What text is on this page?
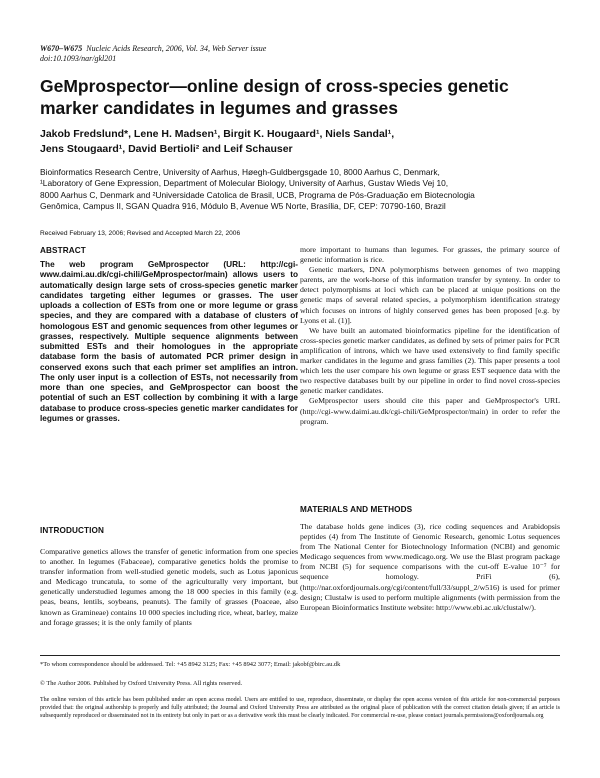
W670–W675 Nucleic Acids Research, 2006, Vol. 34, Web Server issue
doi:10.1093/nar/gkl201
GeMprospector—online design of cross-species genetic marker candidates in legumes and grasses
Jakob Fredslund*, Lene H. Madsen¹, Birgit K. Hougaard¹, Niels Sandal¹,
Jens Stougaard¹, David Bertioli² and Leif Schauser
Bioinformatics Research Centre, University of Aarhus, Høegh-Guldbergsgade 10, 8000 Aarhus C, Denmark,
¹Laboratory of Gene Expression, Department of Molecular Biology, University of Aarhus, Gustav Wieds Vej 10,
8000 Aarhus C, Denmark and ²Universidade Catolica de Brasil, UCB, Programa de Pós-Graduação em Biotecnologia
Genômica, Campus II, SGAN Quadra 916, Módulo B, Avenue W5 Norte, Brasília, DF, CEP: 70790-160, Brazil
Received February 13, 2006; Revised and Accepted March 22, 2006
ABSTRACT
The web program GeMprospector (URL: http://cgi-www.daimi.au.dk/cgi-chili/GeMprospector/main) allows users to automatically design large sets of cross-species genetic marker candidates targeting either legumes or grasses. The user uploads a collection of ESTs from one or more legume or grass species, and they are compared with a database of clusters of homologous EST and genomic sequences from other legumes or grasses, respectively. Multiple sequence alignments between submitted ESTs and their homologues in the appropriate database form the basis of automated PCR primer design in conserved exons such that each primer set amplifies an intron. The only user input is a collection of ESTs, not necessarily from more than one species, and GeMprospector can boost the potential of such an EST collection by combining it with a large database to produce cross-species genetic marker candidates for legumes or grasses.
INTRODUCTION
Comparative genetics allows the transfer of genetic information from one species to another. In legumes (Fabaceae), comparative genetics holds the promise to transfer information from well-studied genetic models, such as Lotus japonicus and Medicago truncatula, to some of the agriculturally very important, but genetically understudied legumes among the 18 000 species in this family (e.g. peas, beans, lentils, soybeans, peanuts). The family of grasses (Poaceae, also known as Gramineae) contains 10 000 species including rice, wheat, barley, maize and forage grasses; it is the only family of plants

more important to humans than legumes. For grasses, the primary source of genetic information is rice.

Genetic markers, DNA polymorphisms between genomes of two mapping parents, are the work-horse of this information transfer by synteny. In order to detect polymorphisms at loci which can be placed at unique positions on the genetic maps of several related species, a polymorphism identification strategy which focuses on introns of highly conserved genes has been proposed [e.g. by Lyons et al. (1)].

We have built an automated bioinformatics pipeline for the identification of cross-species genetic marker candidates, as defined by sets of primer pairs for PCR amplification of introns, which we have used extensively to find family specific marker candidates in the legume and grass families (2). This paper presents a tool which lets the user compare his own legume or grass EST sequence data with the two respective databases built by our pipeline in order to find novel cross-species genetic marker candidates.

GeMprospector users should cite this paper and GeMprospector's URL (http://cgi-www.daimi.au.dk/cgi-chili/GeMprospector/main) in order to refer the program.

MATERIALS AND METHODS
The database holds gene indices (3), rice coding sequences and Arabidopsis peptides (4) from The Institute of Genomic Research, genomic Lotus sequences from The National Center for Biotechnology Information (NCBI) and genomic Medicago sequences from www.medicago.org. We use the Blast program package from NCBI (5) for sequence comparisons with the cut-off E-value 10⁻⁷ for sequence homology. PriFi (6), (http://nar.oxfordjournals.org/cgi/content/full/33/suppl_2/w516) is used for primer design; Clustalw is used to perform multiple alignments (with permission from the European Bioinformatics Institute website: http://www.ebi.ac.uk/clustalw/).
*To whom correspondence should be addressed. Tel: +45 8942 3125; Fax: +45 8942 3077; Email: jakobf@birc.au.dk
© The Author 2006. Published by Oxford University Press. All rights reserved.
The online version of this article has been published under an open access model. Users are entitled to use, reproduce, disseminate, or display the open access version of this article for non-commercial purposes provided that: the original authorship is properly and fully attributed; the Journal and Oxford University Press are attributed as the original place of publication with the correct citation details given; if an article is subsequently reproduced or disseminated not in its entirety but only in part or as a derivative work this must be clearly indicated. For commercial re-use, please contact journals.permissions@oxfordjournals.org
